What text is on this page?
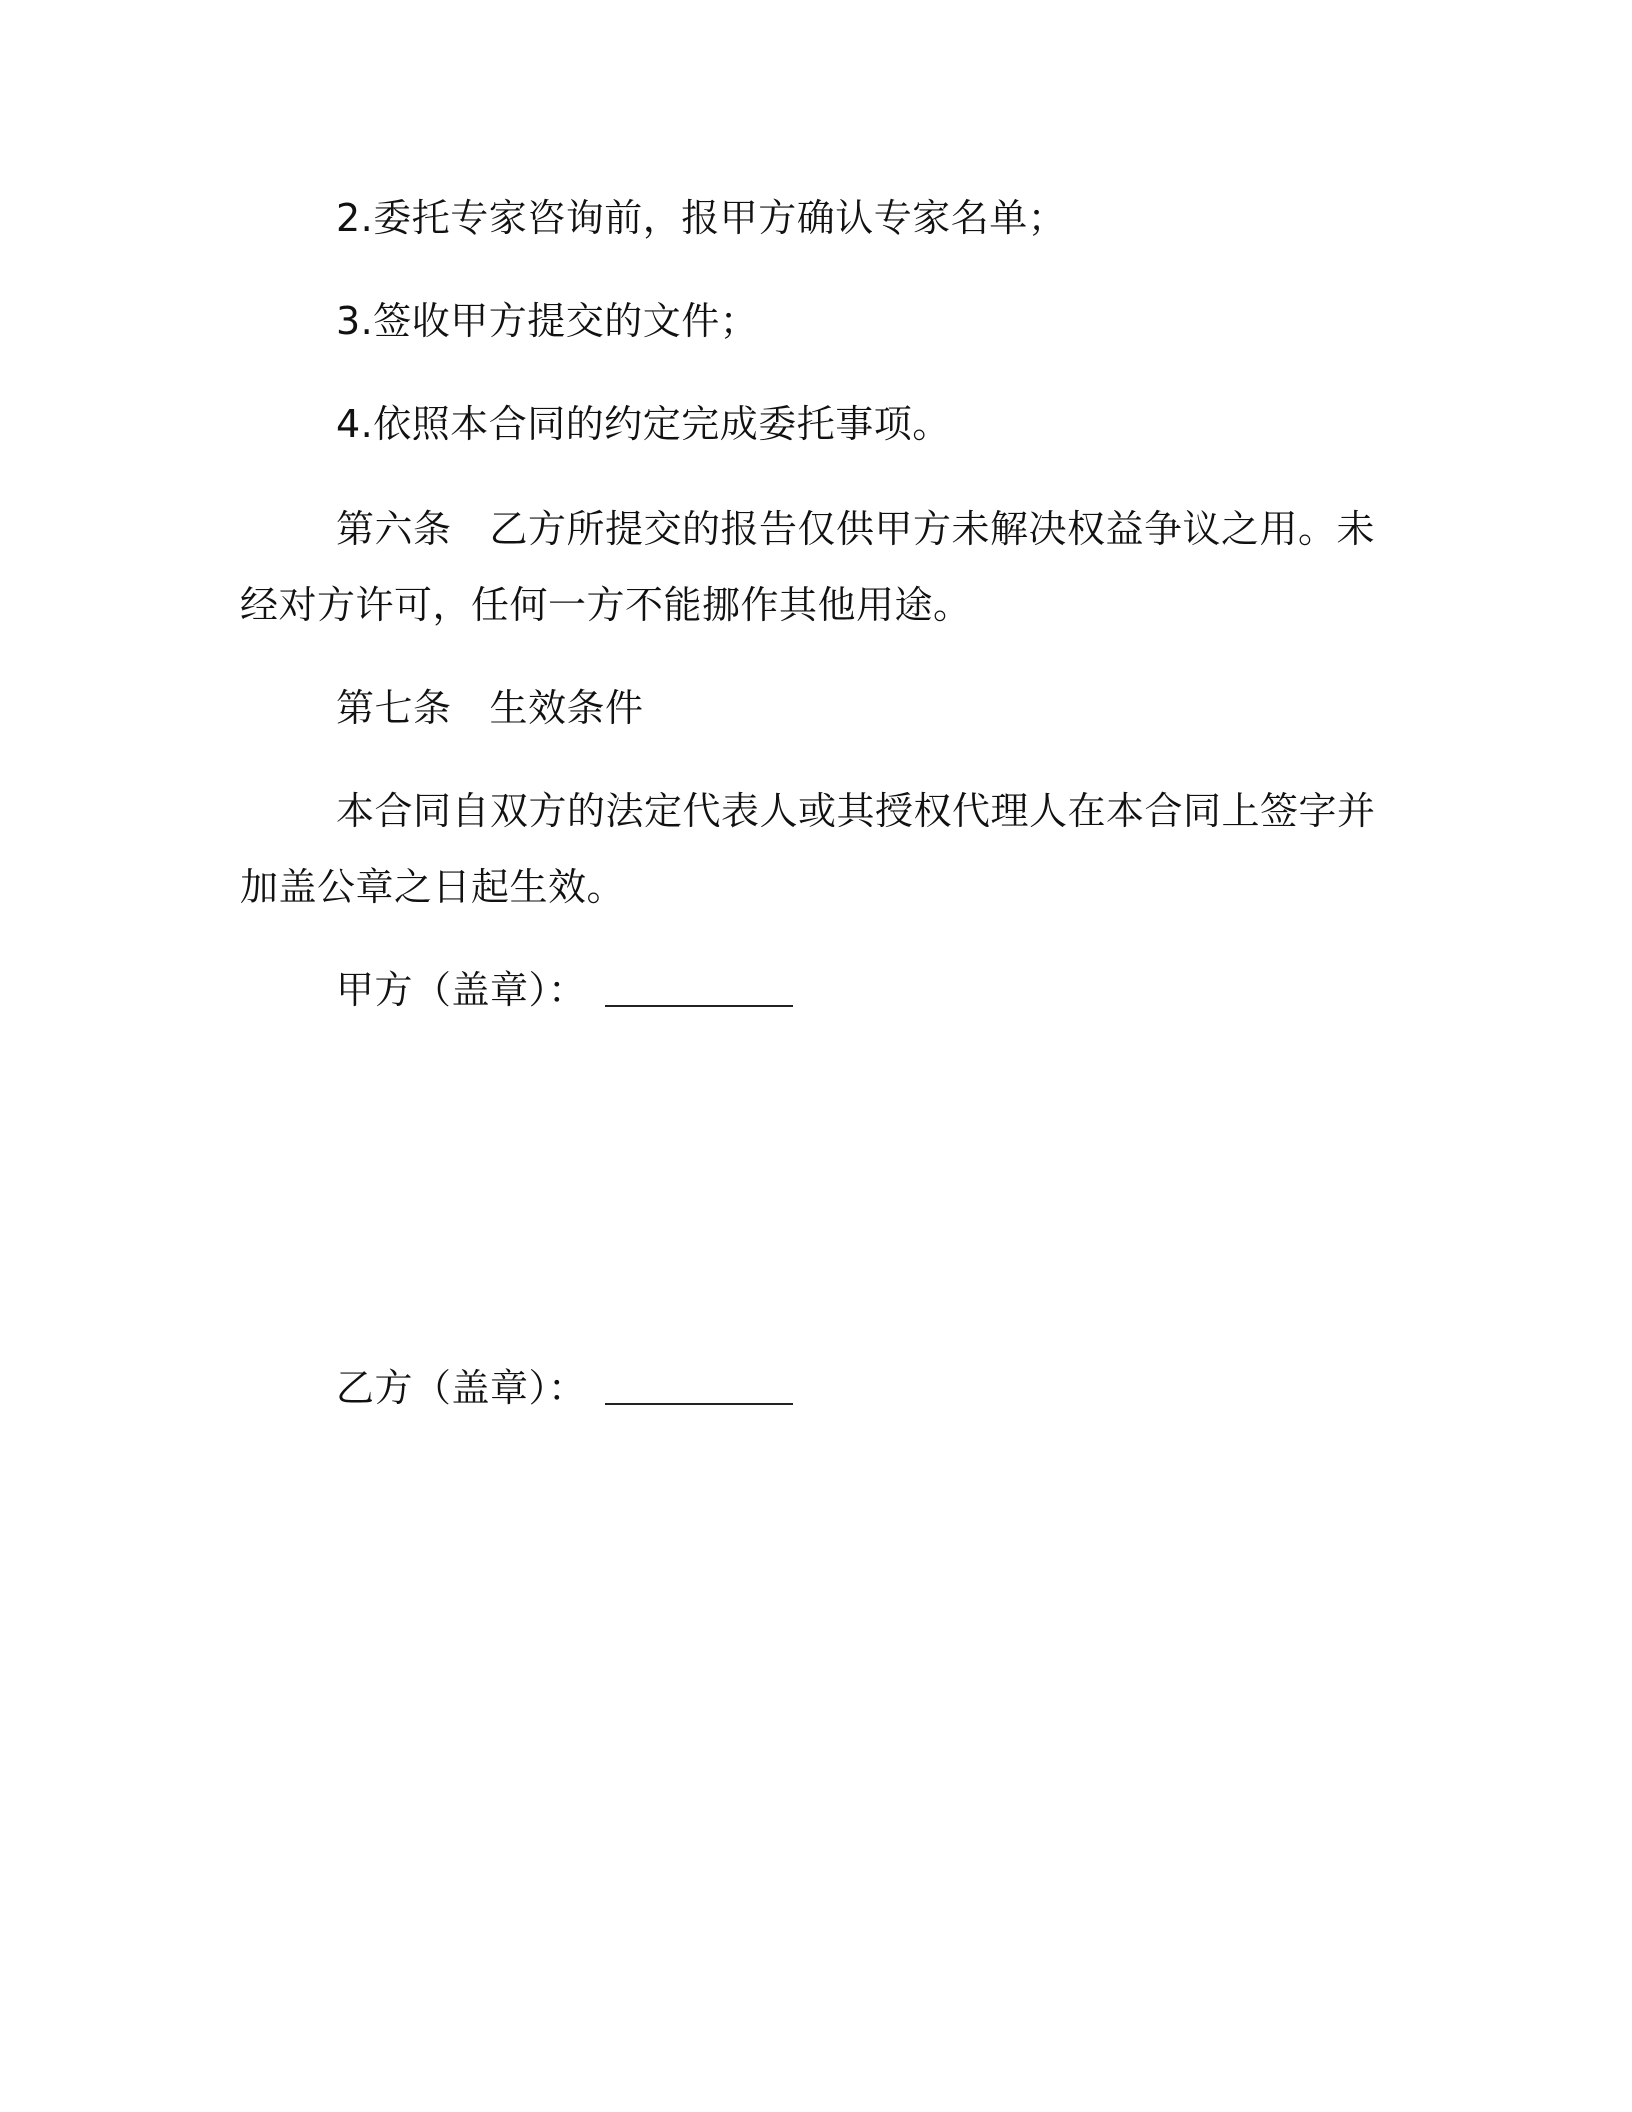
2.委托专家咨询前，报甲方确认专家名单；

3.签收甲方提交的文件；

4.依照本合同的约定完成委托事项。

第六条 乙方所提交的报告仅供甲方未解决权益争议之用。未经对方许可，任何一方不能挪作其他用途。

第七条 生效条件

本合同自双方的法定代表人或其授权代理人在本合同上签字并加盖公章之日起生效。

甲方（盖章）：

乙方（盖章）：
